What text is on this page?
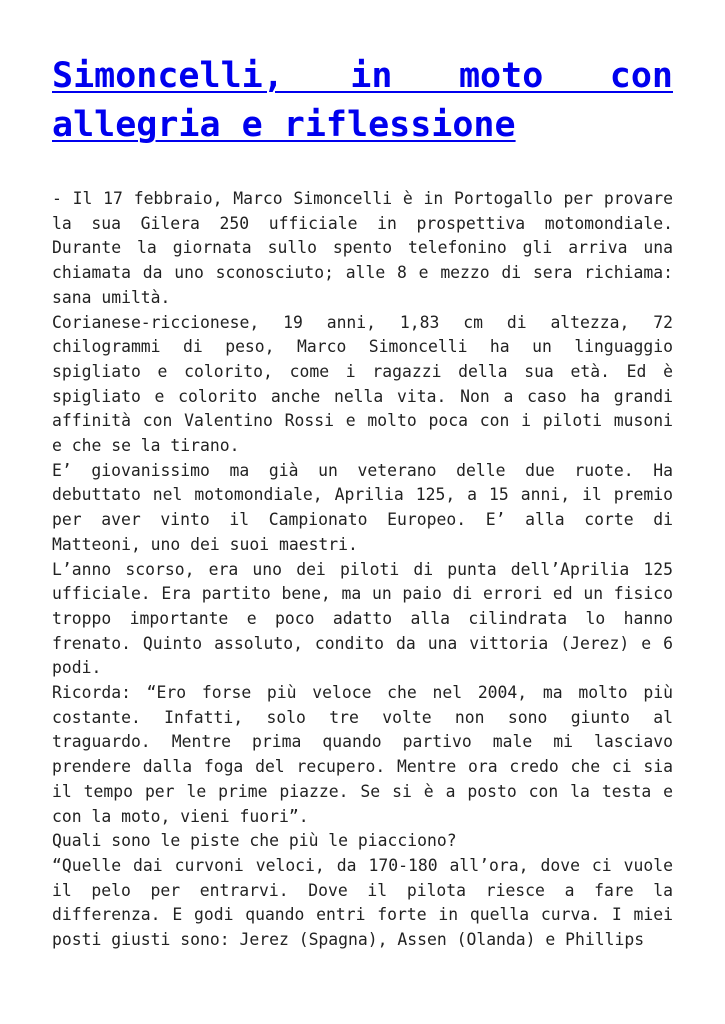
Simoncelli, in moto con allegria e riflessione

- Il 17 febbraio, Marco Simoncelli è in Portogallo per provare la sua Gilera 250 ufficiale in prospettiva motomondiale. Durante la giornata sullo spento telefonino gli arriva una chiamata da uno sconosciuto; alle 8 e mezzo di sera richiama: sana umiltà.

Corianese-riccionese, 19 anni, 1,83 cm di altezza, 72 chilogrammi di peso, Marco Simoncelli ha un linguaggio spigliato e colorito, come i ragazzi della sua età. Ed è spigliato e colorito anche nella vita. Non a caso ha grandi affinità con Valentino Rossi e molto poca con i piloti musoni e che se la tirano.

E’ giovanissimo ma già un veterano delle due ruote. Ha debuttato nel motomondiale, Aprilia 125, a 15 anni, il premio per aver vinto il Campionato Europeo. E’ alla corte di Matteoni, uno dei suoi maestri.

L’anno scorso, era uno dei piloti di punta dell’Aprilia 125 ufficiale. Era partito bene, ma un paio di errori ed un fisico troppo importante e poco adatto alla cilindrata lo hanno frenato. Quinto assoluto, condito da una vittoria (Jerez) e 6 podi.

Ricorda: “Ero forse più veloce che nel 2004, ma molto più costante. Infatti, solo tre volte non sono giunto al traguardo. Mentre prima quando partivo male mi lasciavo prendere dalla foga del recupero. Mentre ora credo che ci sia il tempo per le prime piazze. Se si è a posto con la testa e con la moto, vieni fuori”.

Quali sono le piste che più le piacciono?

“Quelle dai curvoni veloci, da 170-180 all’ora, dove ci vuole il pelo per entrarvi. Dove il pilota riesce a fare la differenza. E godi quando entri forte in quella curva. I miei posti giusti sono: Jerez (Spagna), Assen (Olanda) e Phillips
